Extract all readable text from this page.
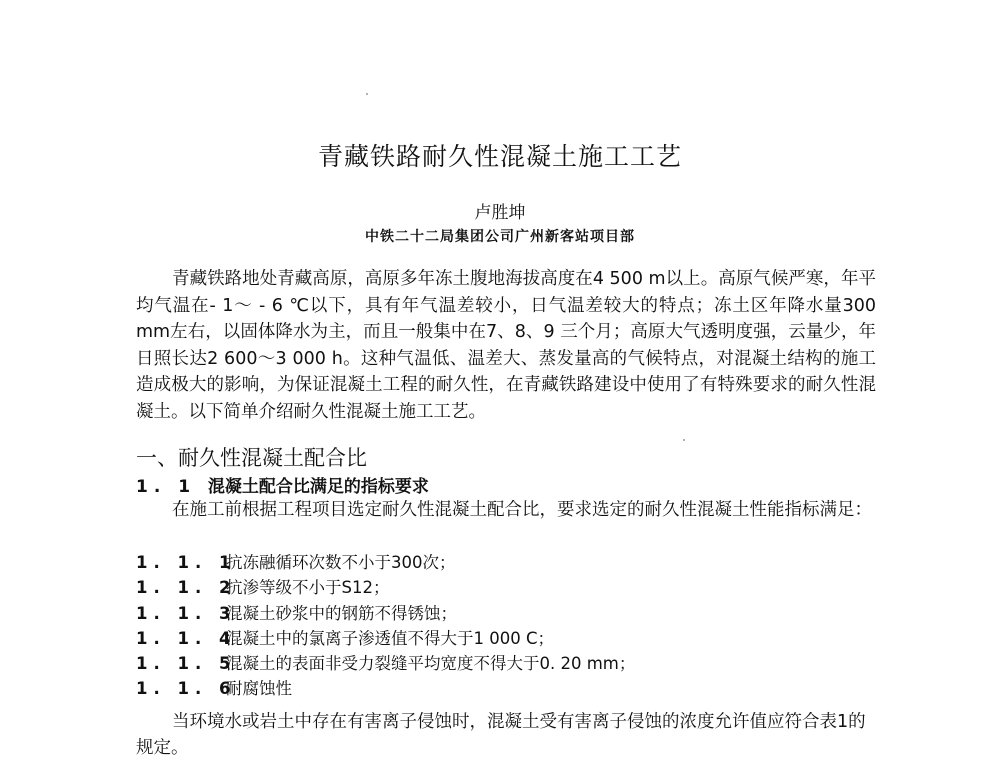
青藏铁路耐久性混凝土施工工艺

卢胜坤

中铁二十二局集团公司广州新客站项目部

青藏铁路地处青藏高原，高原多年冻土腹地海拔高度在4 500 m以上。高原气候严寒，年平均气温在- 1～ - 6 ℃以下，具有年气温差较小，日气温差较大的特点；冻土区年降水量300 mm左右，以固体降水为主，而且一般集中在7、8、9 三个月；高原大气透明度强，云量少，年日照长达2 600～3 000 h。这种气温低、温差大、蒸发量高的气候特点，对混凝土结构的施工造成极大的影响，为保证混凝土工程的耐久性，在青藏铁路建设中使用了有特殊要求的耐久性混凝土。以下简单介绍耐久性混凝土施工工艺。

一、耐久性混凝土配合比
1. 1 混凝土配合比满足的指标要求

在施工前根据工程项目选定耐久性混凝土配合比，要求选定的耐久性混凝土性能指标满足：

1. 1. 1抗冻融循环次数不小于300次；
1. 1. 2抗渗等级不小于S12；
1. 1. 3混凝土砂浆中的钢筋不得锈蚀；
1. 1. 4混凝土中的氯离子渗透值不得大于1 000 C；
1. 1. 5混凝土的表面非受力裂缝平均宽度不得大于0. 20 mm；
1. 1. 6耐腐蚀性

当环境水或岩土中存在有害离子侵蚀时，混凝土受有害离子侵蚀的浓度允许值应符合表1的规定。
